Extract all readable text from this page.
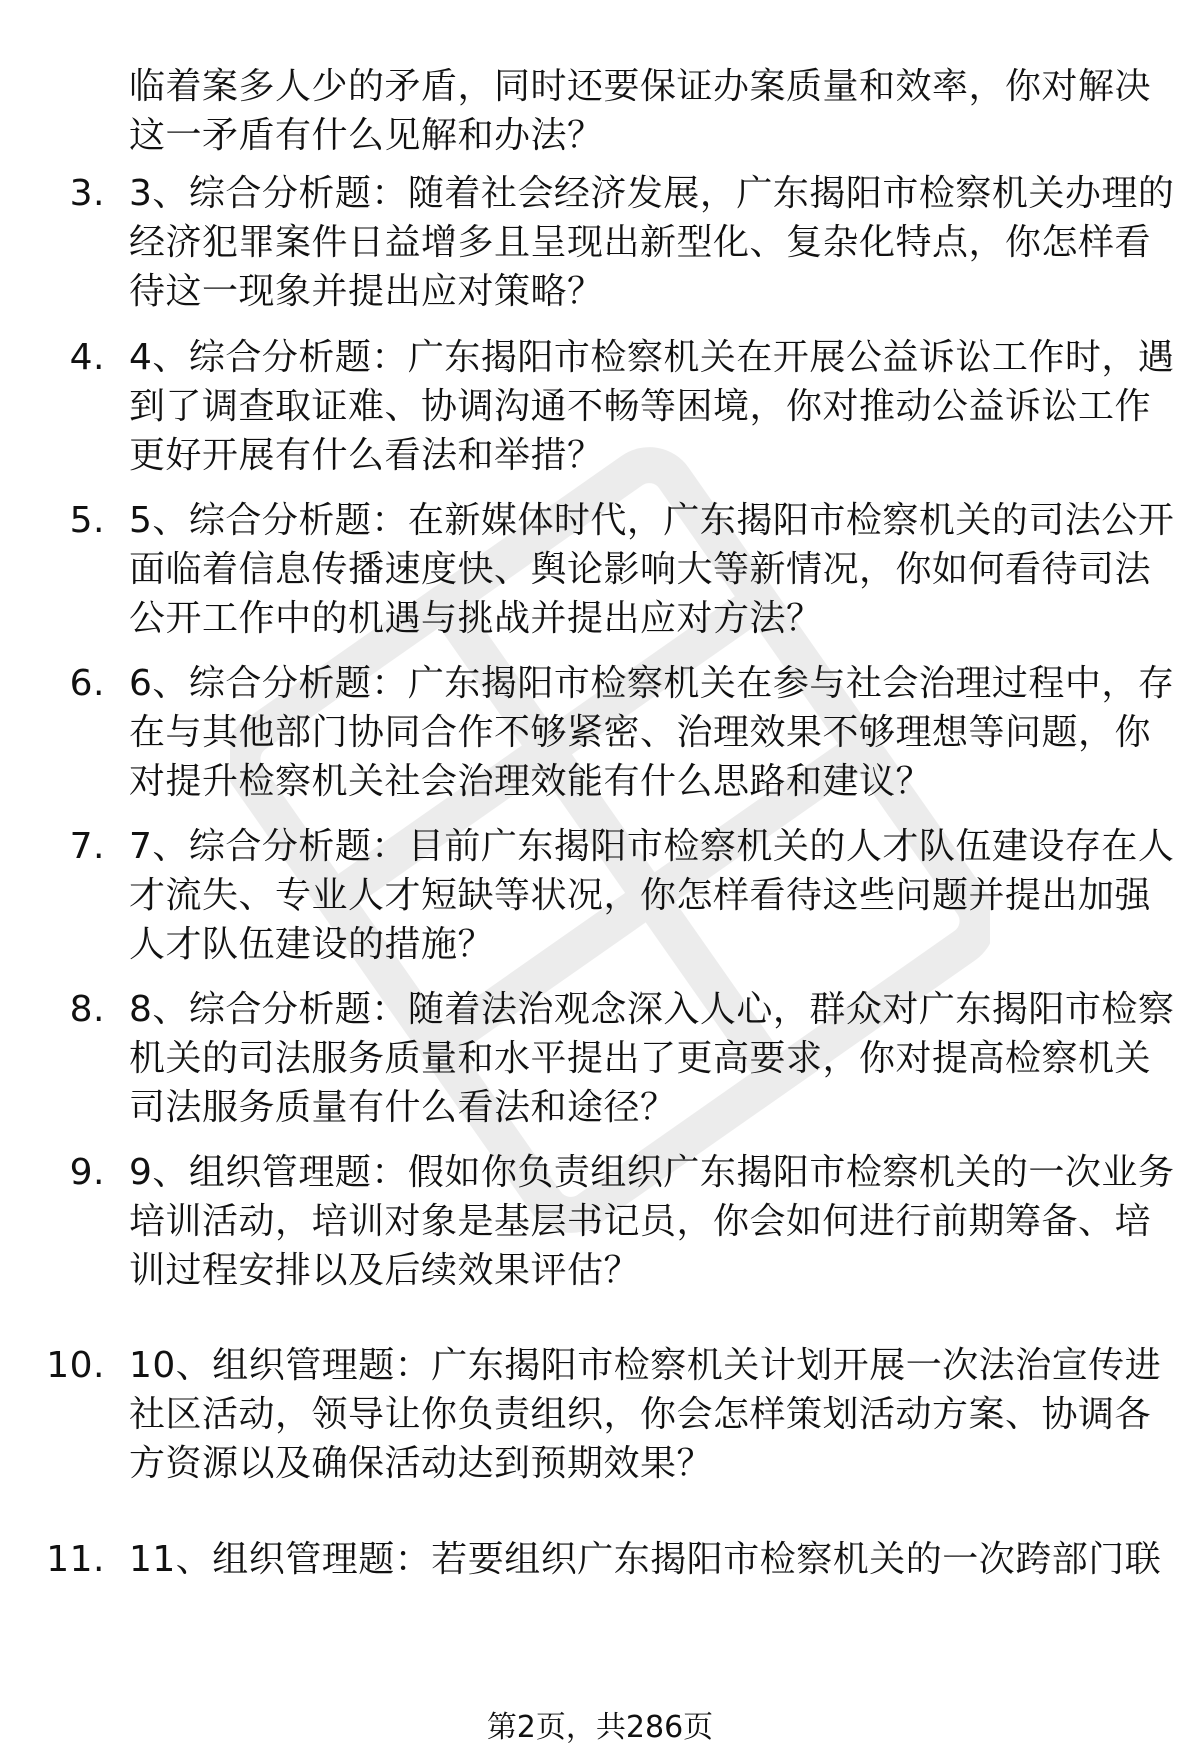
临着案多人少的矛盾，同时还要保证办案质量和效率，你对解决
这一矛盾有什么见解和办法？
3. 3、综合分析题：随着社会经济发展，广东揭阳市检察机关办理的
经济犯罪案件日益增多且呈现出新型化、复杂化特点，你怎样看
待这一现象并提出应对策略？
4. 4、综合分析题：广东揭阳市检察机关在开展公益诉讼工作时，遇
到了调查取证难、协调沟通不畅等困境，你对推动公益诉讼工作
更好开展有什么看法和举措？
5. 5、综合分析题：在新媒体时代，广东揭阳市检察机关的司法公开
面临着信息传播速度快、舆论影响大等新情况，你如何看待司法
公开工作中的机遇与挑战并提出应对方法？
6. 6、综合分析题：广东揭阳市检察机关在参与社会治理过程中，存
在与其他部门协同合作不够紧密、治理效果不够理想等问题，你
对提升检察机关社会治理效能有什么思路和建议？
7. 7、综合分析题：目前广东揭阳市检察机关的人才队伍建设存在人
才流失、专业人才短缺等状况，你怎样看待这些问题并提出加强
人才队伍建设的措施？
8. 8、综合分析题：随着法治观念深入人心，群众对广东揭阳市检察
机关的司法服务质量和水平提出了更高要求，你对提高检察机关
司法服务质量有什么看法和途径？
9. 9、组织管理题：假如你负责组织广东揭阳市检察机关的一次业务
培训活动，培训对象是基层书记员，你会如何进行前期筹备、培
训过程安排以及后续效果评估？
10. 10、组织管理题：广东揭阳市检察机关计划开展一次法治宣传进
社区活动，领导让你负责组织，你会怎样策划活动方案、协调各
方资源以及确保活动达到预期效果？
11. 11、组织管理题：若要组织广东揭阳市检察机关的一次跨部门联
第2页，共286页
